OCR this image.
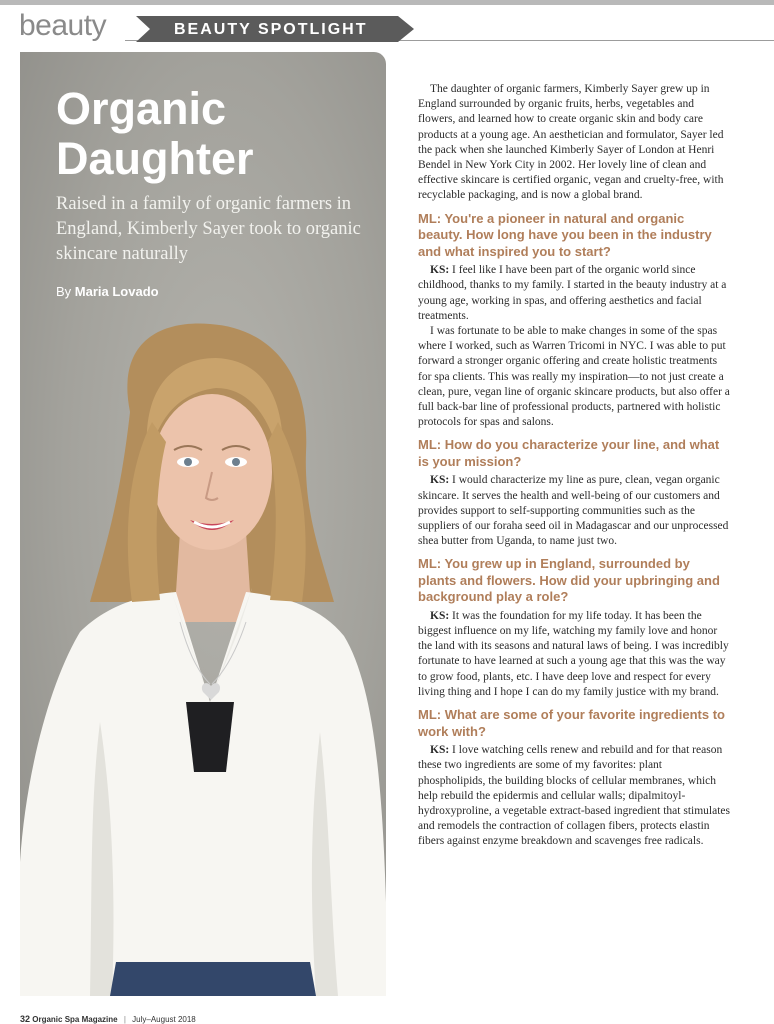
beauty	BEAUTY SPOTLIGHT
Organic
Daughter
Raised in a family of organic farmers in England, Kimberly Sayer took to organic skincare naturally
By Maria Lovado

The daughter of organic farmers, Kimberly Sayer grew up in England surrounded by organic fruits, herbs, vegetables and flowers, and learned how to create organic skin and body care products at a young age. An aesthetician and formulator, Sayer led the pack when she launched Kimberly Sayer of London at Henri Bendel in New York City in 2002. Her lovely line of clean and effective skincare is certified organic, vegan and cruelty-free, with recyclable packaging, and is now a global brand.

ML: You're a pioneer in natural and organic beauty. How long have you been in the industry and what inspired you to start?

KS: I feel like I have been part of the organic world since childhood, thanks to my family. I started in the beauty industry at a young age, working in spas, and offering aesthetics and facial treatments.

I was fortunate to be able to make changes in some of the spas where I worked, such as Warren Tricomi in NYC. I was able to put forward a stronger organic offering and create holistic treatments for spa clients. This was really my inspiration—to not just create a clean, pure, vegan line of organic skincare products, but also offer a full back-bar line of professional products, partnered with holistic protocols for spas and salons.

ML: How do you characterize your line, and what is your mission?

KS: I would characterize my line as pure, clean, vegan organic skincare. It serves the health and well-being of our customers and provides support to self-supporting communities such as the suppliers of our foraha seed oil in Madagascar and our unprocessed shea butter from Uganda, to name just two.

ML: You grew up in England, surrounded by plants and flowers. How did your upbringing and background play a role?

KS: It was the foundation for my life today. It has been the biggest influence on my life, watching my family love and honor the land with its seasons and natural laws of being. I was incredibly fortunate to have learned at such a young age that this was the way to grow food, plants, etc. I have deep love and respect for every living thing and I hope I can do my family justice with my brand.

ML: What are some of your favorite ingredients to work with?

KS: I love watching cells renew and rebuild and for that reason these two ingredients are some of my favorites: plant phospholipids, the building blocks of cellular membranes, which help rebuild the epidermis and cellular walls; dipalmitoyl-hydroxyproline, a vegetable extract-based ingredient that stimulates and remodels the contraction of collagen fibers, protects elastin fibers against enzyme breakdown and scavenges free radicals.

32 Organic Spa Magazine | July–August 2018
